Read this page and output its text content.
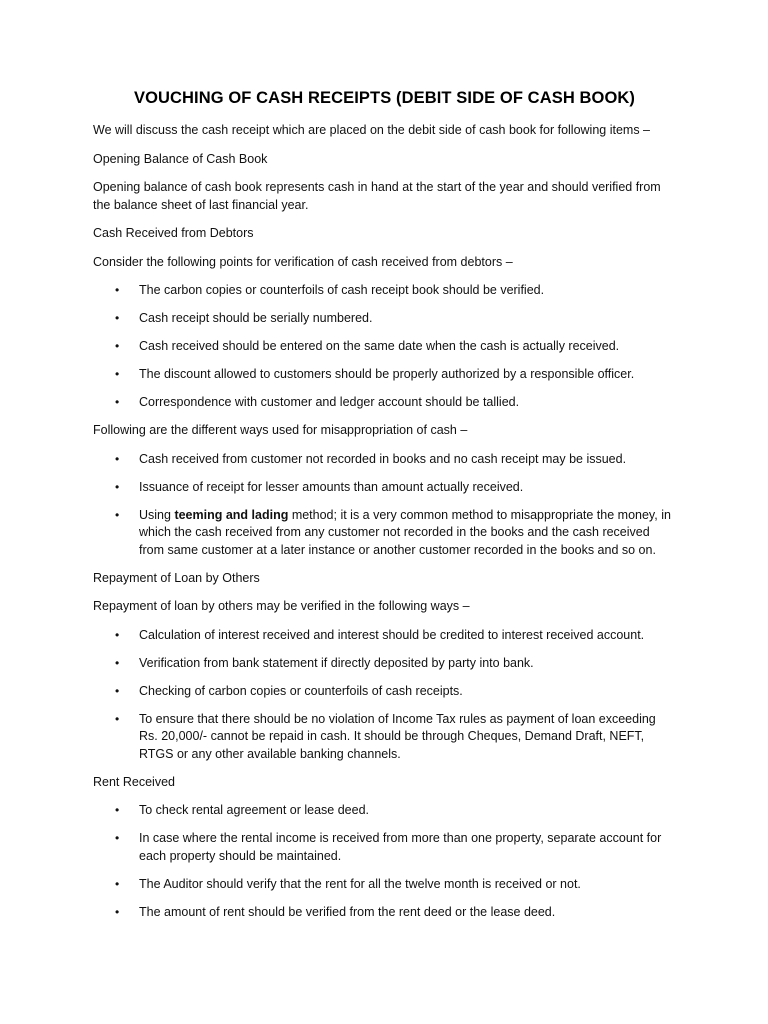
VOUCHING OF CASH RECEIPTS (DEBIT SIDE OF CASH BOOK)

We will discuss the cash receipt which are placed on the debit side of cash book for following items –

Opening Balance of Cash Book

Opening balance of cash book represents cash in hand at the start of the year and should verified from the balance sheet of last financial year.

Cash Received from Debtors

Consider the following points for verification of cash received from debtors –

• The carbon copies or counterfoils of cash receipt book should be verified.
• Cash receipt should be serially numbered.
• Cash received should be entered on the same date when the cash is actually received.
• The discount allowed to customers should be properly authorized by a responsible officer.
• Correspondence with customer and ledger account should be tallied.

Following are the different ways used for misappropriation of cash –

• Cash received from customer not recorded in books and no cash receipt may be issued.
• Issuance of receipt for lesser amounts than amount actually received.
• Using teeming and lading method; it is a very common method to misappropriate the money, in which the cash received from any customer not recorded in the books and the cash received from same customer at a later instance or another customer recorded in the books and so on.

Repayment of Loan by Others

Repayment of loan by others may be verified in the following ways –

• Calculation of interest received and interest should be credited to interest received account.
• Verification from bank statement if directly deposited by party into bank.
• Checking of carbon copies or counterfoils of cash receipts.
• To ensure that there should be no violation of Income Tax rules as payment of loan exceeding Rs. 20,000/- cannot be repaid in cash. It should be through Cheques, Demand Draft, NEFT, RTGS or any other available banking channels.

Rent Received

• To check rental agreement or lease deed.
• In case where the rental income is received from more than one property, separate account for each property should be maintained.
• The Auditor should verify that the rent for all the twelve month is received or not.
• The amount of rent should be verified from the rent deed or the lease deed.
